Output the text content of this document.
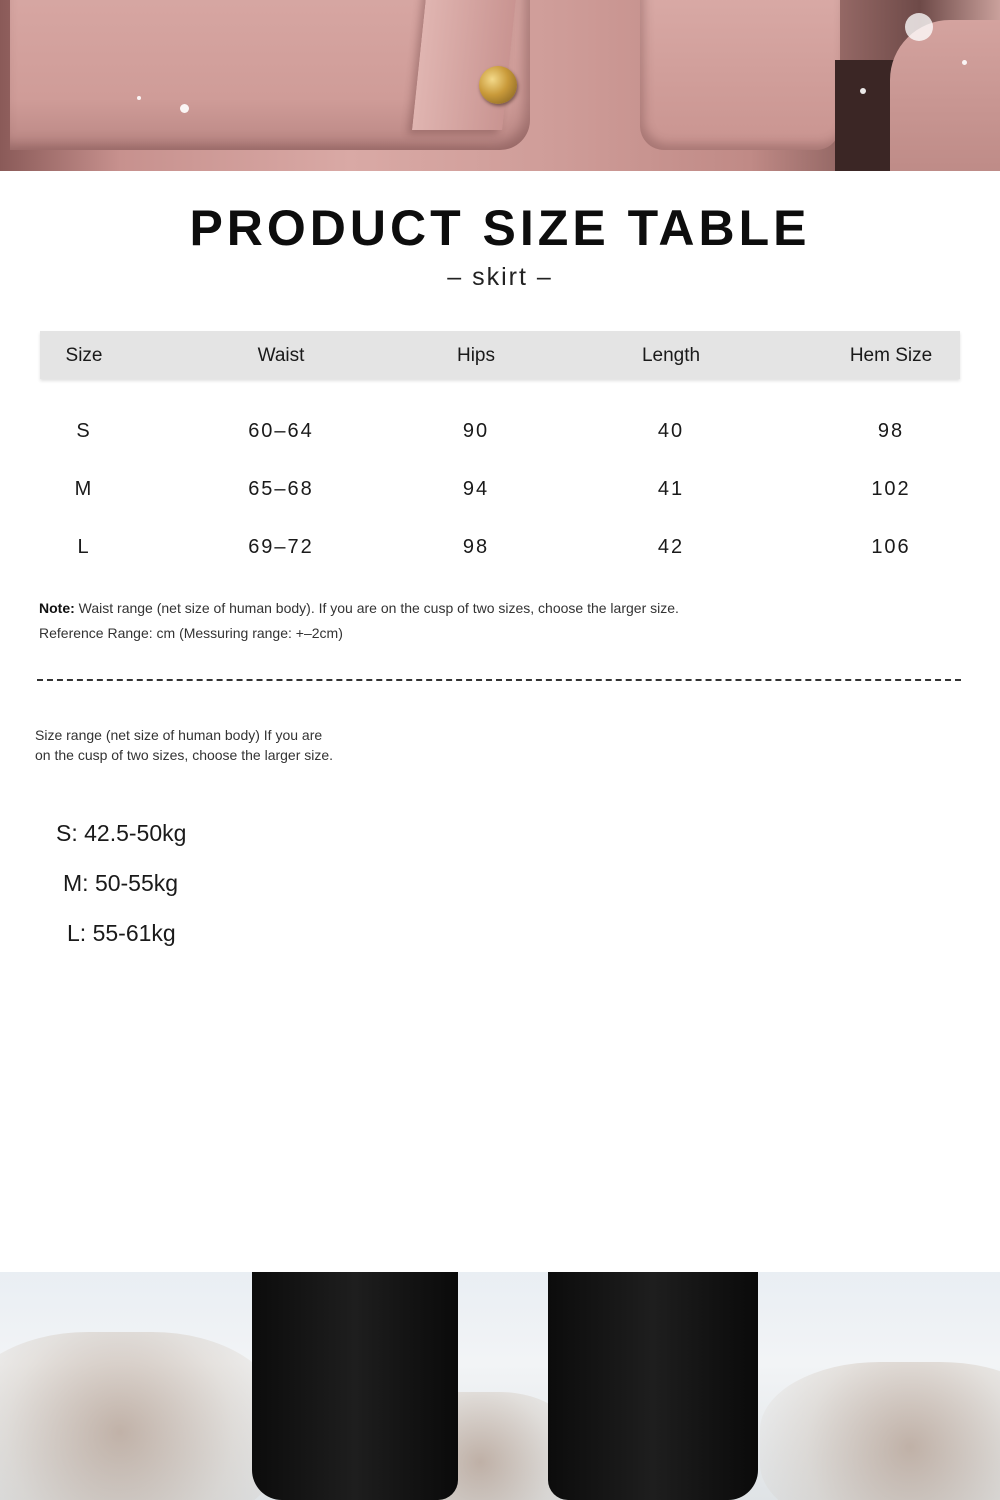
PRODUCT SIZE TABLE
– skirt –
Size	Waist	Hips	Length	Hem Size
S	60–64	90	40	98
M	65–68	94	41	102
L	69–72	98	42	106
Note: Waist range (net size of human body). If you are on the cusp of two sizes, choose the larger size.
Reference Range: cm (Messuring range: +–2cm)
Size range (net size of human body) If you are
on the cusp of two sizes, choose the larger size.
S: 42.5-50kg
M: 50-55kg
L: 55-61kg
